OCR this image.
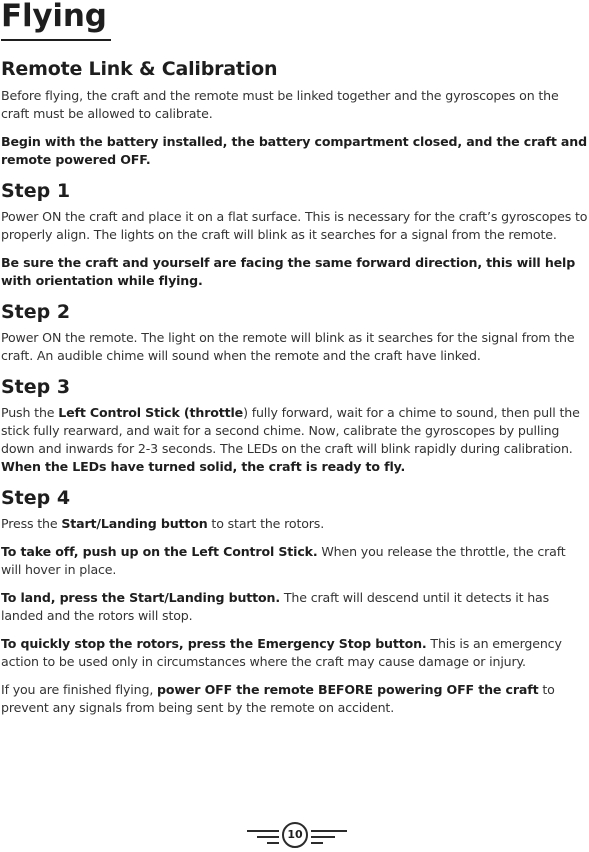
Flying
Remote Link & Calibration

Before flying, the craft and the remote must be linked together and the gyroscopes on the craft must be allowed to calibrate.

Begin with the battery installed, the battery compartment closed, and the craft and remote powered OFF.

Step 1

Power ON the craft and place it on a flat surface. This is necessary for the craft’s gyroscopes to properly align. The lights on the craft will blink as it searches for a signal from the remote.

Be sure the craft and yourself are facing the same forward direction, this will help with orientation while flying.

Step 2

Power ON the remote. The light on the remote will blink as it searches for the signal from the craft. An audible chime will sound when the remote and the craft have linked.

Step 3

Push the Left Control Stick (throttle) fully forward, wait for a chime to sound, then pull the stick fully rearward, and wait for a second chime. Now, calibrate the gyroscopes by pulling down and inwards for 2-3 seconds. The LEDs on the craft will blink rapidly during calibration. When the LEDs have turned solid, the craft is ready to fly.

Step 4

Press the Start/Landing button to start the rotors.

To take off, push up on the Left Control Stick. When you release the throttle, the craft will hover in place.

To land, press the Start/Landing button. The craft will descend until it detects it has landed and the rotors will stop.

To quickly stop the rotors, press the Emergency Stop button. This is an emergency action to be used only in circumstances where the craft may cause damage or injury.

If you are finished flying, power OFF the remote BEFORE powering OFF the craft to prevent any signals from being sent by the remote on accident.

10
